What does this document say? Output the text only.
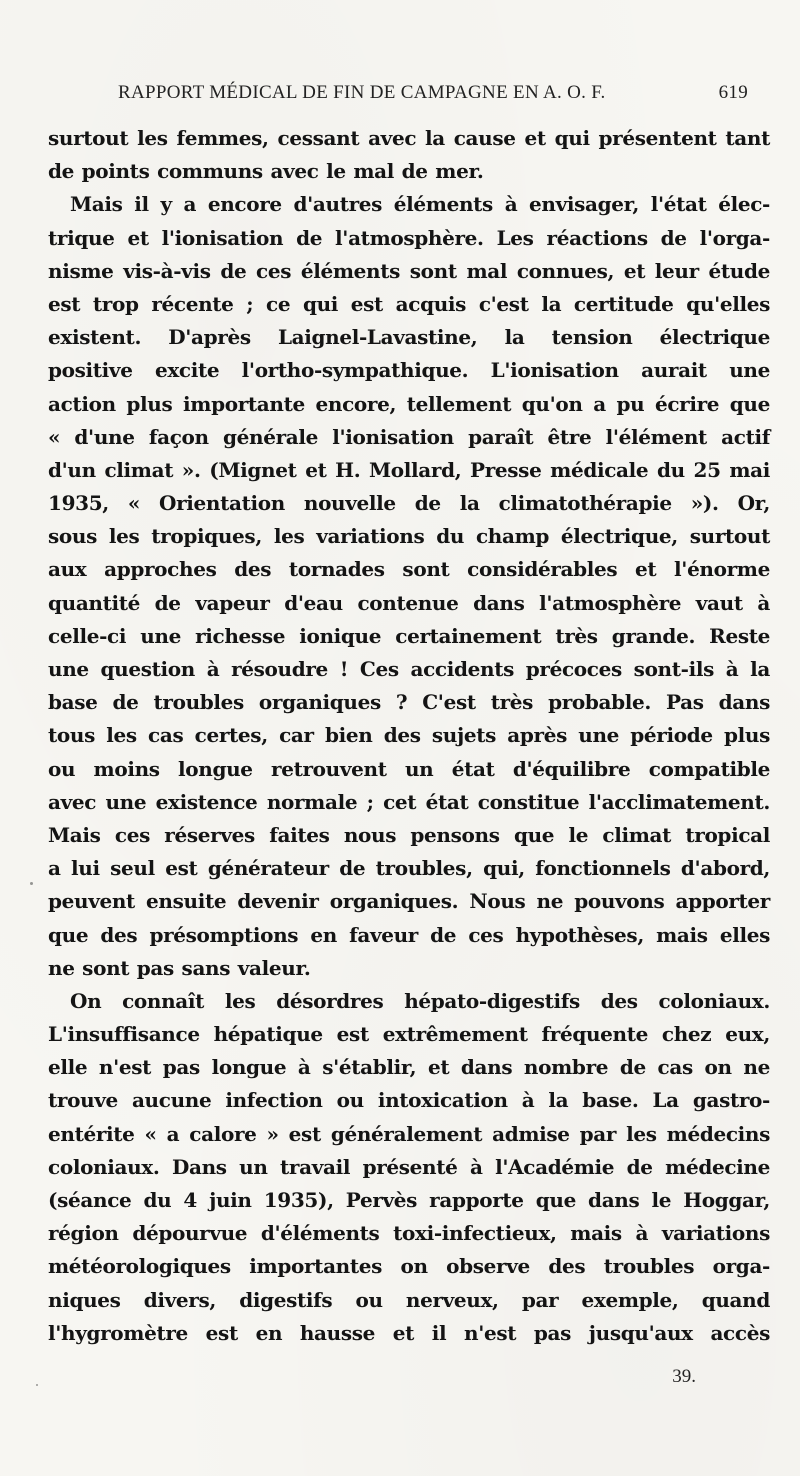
RAPPORT MÉDICAL DE FIN DE CAMPAGNE EN A. O. F.	619
surtout les femmes, cessant avec la cause et qui présentent tant
de points communs avec le mal de mer.
Mais il y a encore d'autres éléments à envisager, l'état élec-
trique et l'ionisation de l'atmosphère. Les réactions de l'orga-
nisme vis-à-vis de ces éléments sont mal connues, et leur étude
est trop récente ; ce qui est acquis c'est la certitude qu'elles
existent. D'après Laignel-Lavastine, la tension électrique
positive excite l'ortho-sympathique. L'ionisation aurait une
action plus importante encore, tellement qu'on a pu écrire que
« d'une façon générale l'ionisation paraît être l'élément actif
d'un climat ». (Mignet et H. Mollard, Presse médicale du 25 mai
1935, « Orientation nouvelle de la climatothérapie »). Or,
sous les tropiques, les variations du champ électrique, surtout
aux approches des tornades sont considérables et l'énorme
quantité de vapeur d'eau contenue dans l'atmosphère vaut à
celle-ci une richesse ionique certainement très grande. Reste
une question à résoudre ! Ces accidents précoces sont-ils à la
base de troubles organiques ? C'est très probable. Pas dans
tous les cas certes, car bien des sujets après une période plus
ou moins longue retrouvent un état d'équilibre compatible
avec une existence normale ; cet état constitue l'acclimatement.
Mais ces réserves faites nous pensons que le climat tropical
a lui seul est générateur de troubles, qui, fonctionnels d'abord,
peuvent ensuite devenir organiques. Nous ne pouvons apporter
que des présomptions en faveur de ces hypothèses, mais elles
ne sont pas sans valeur.
On connaît les désordres hépato-digestifs des coloniaux.
L'insuffisance hépatique est extrêmement fréquente chez eux,
elle n'est pas longue à s'établir, et dans nombre de cas on ne
trouve aucune infection ou intoxication à la base. La gastro-
entérite « a calore » est généralement admise par les médecins
coloniaux. Dans un travail présenté à l'Académie de médecine
(séance du 4 juin 1935), Pervès rapporte que dans le Hoggar,
région dépourvue d'éléments toxi-infectieux, mais à variations
météorologiques importantes on observe des troubles orga-
niques divers, digestifs ou nerveux, par exemple, quand
l'hygromètre est en hausse et il n'est pas jusqu'aux accès
39.
